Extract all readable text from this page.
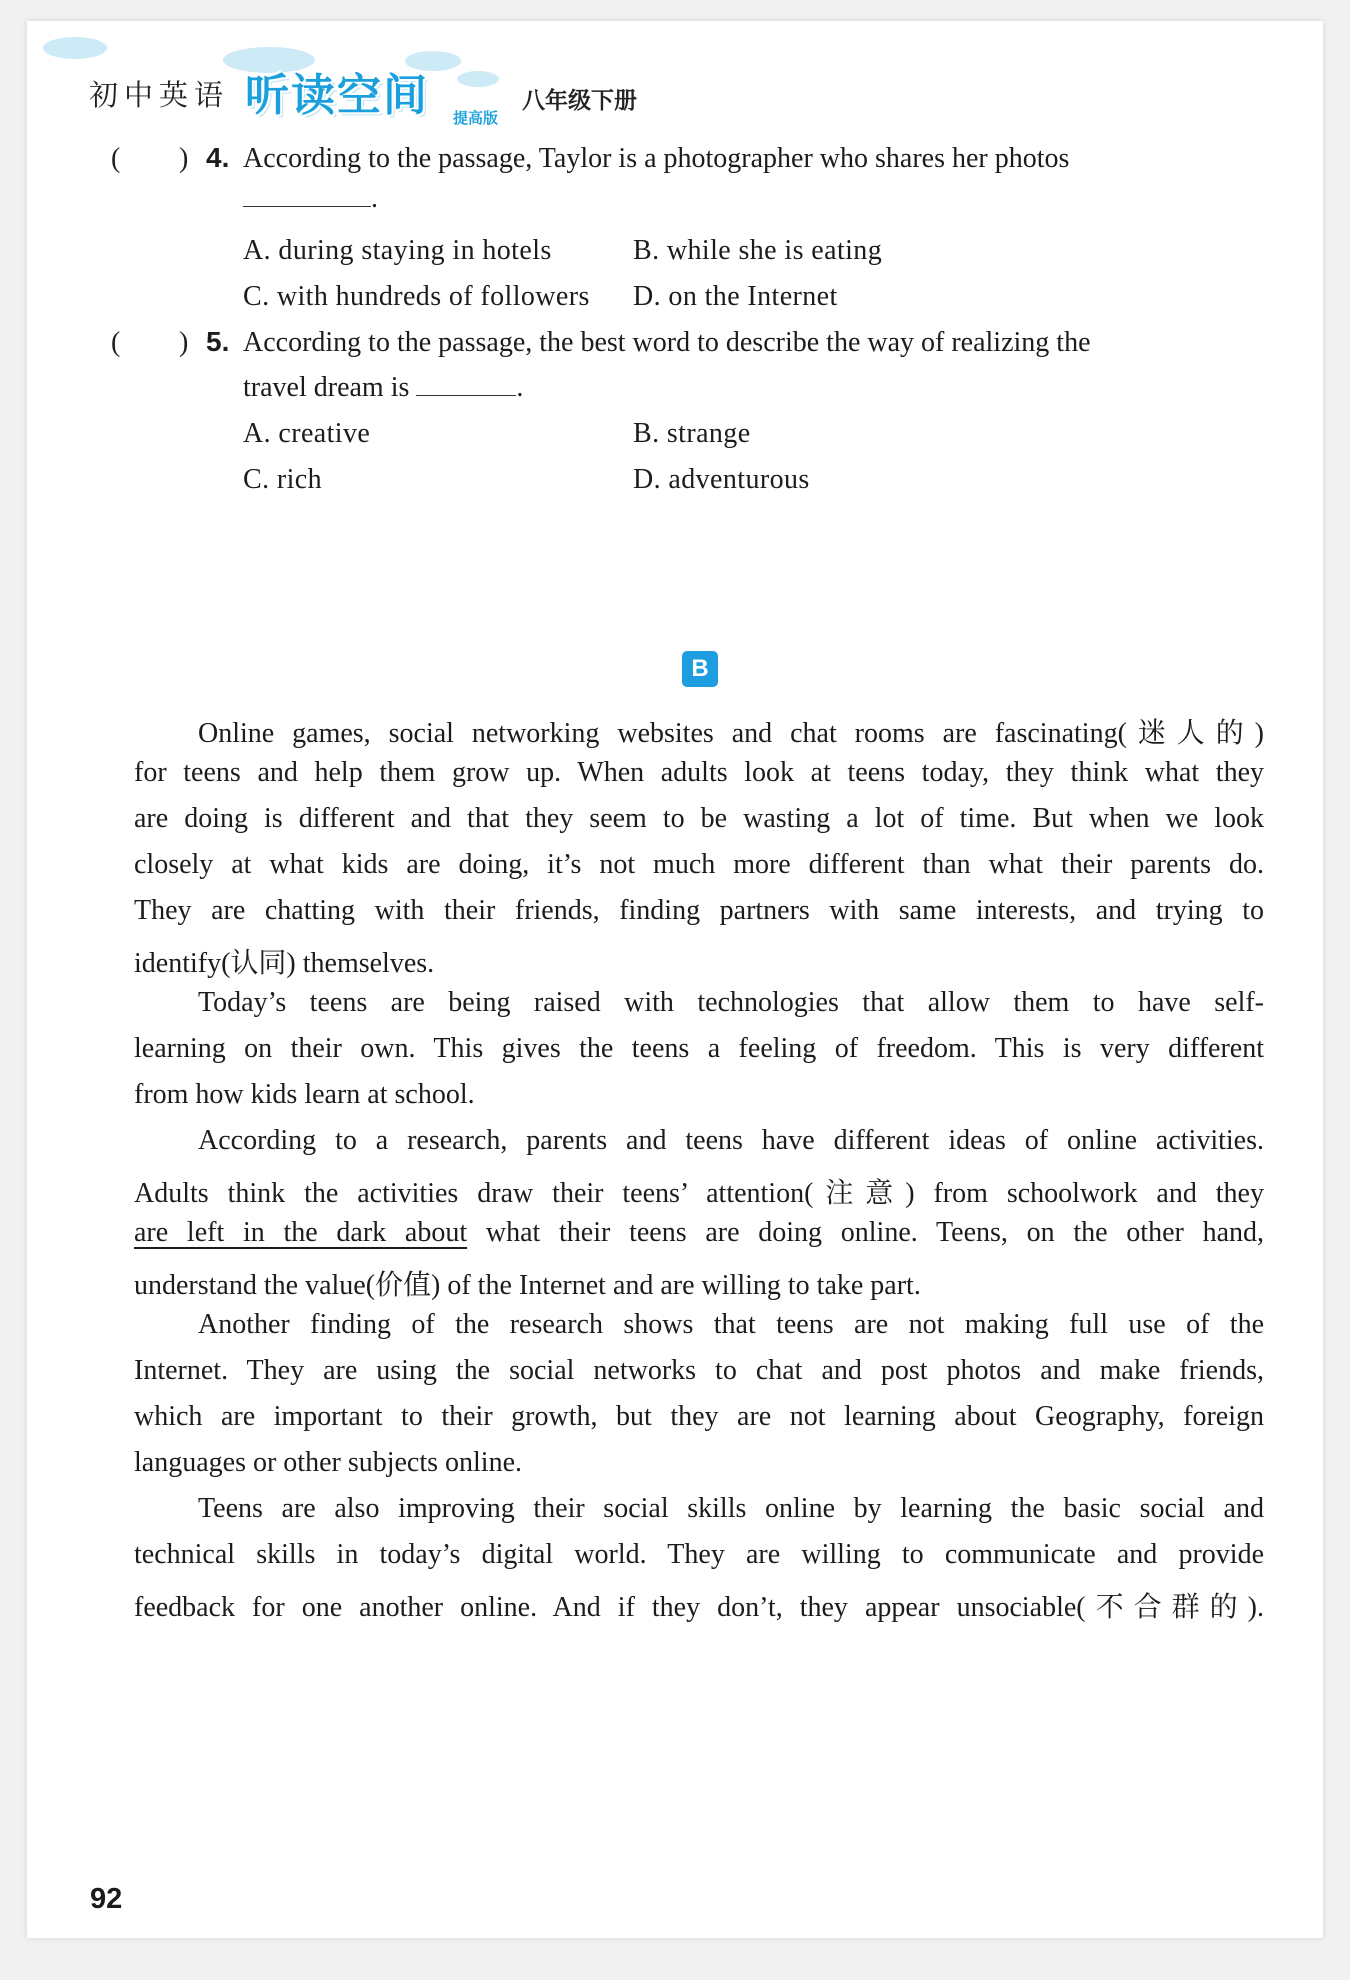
初中英语 听读空间 提高版
八年级下册
( ) 4. According to the passage, Taylor is a photographer who shares her photos
.
A. during staying in hotels	B. while she is eating
C. with hundreds of followers D. on the Internet
( ) 5. According to the passage, the best word to describe the way of realizing the
travel dream is	.
A. creative	B. strange
C. rich	D. adventurous
B
Online games, social networking websites and chat rooms are fascinating(迷人的)
for teens and help them grow up. When adults look at teens today, they think what they
are doing is different and that they seem to be wasting a lot of time. But when we look
closely at what kids are doing, it’s not much more different than what their parents do.
They are chatting with their friends, finding partners with same interests, and trying to
identify(认同) themselves.
Today’s teens are being raised with technologies that allow them to have self-
learning on their own. This gives the teens a feeling of freedom. This is very different
from how kids learn at school.
According to a research, parents and teens have different ideas of online activities.
Adults think the activities draw their teens’ attention(注意) from schoolwork and they
are left in the dark about what their teens are doing online. Teens, on the other hand,
understand the value(价值) of the Internet and are willing to take part.
Another finding of the research shows that teens are not making full use of the
Internet. They are using the social networks to chat and post photos and make friends,
which are important to their growth, but they are not learning about Geography, foreign
languages or other subjects online.
Teens are also improving their social skills online by learning the basic social and
technical skills in today’s digital world. They are willing to communicate and provide
feedback for one another online. And if they don’t, they appear unsociable(不合群的).
92
